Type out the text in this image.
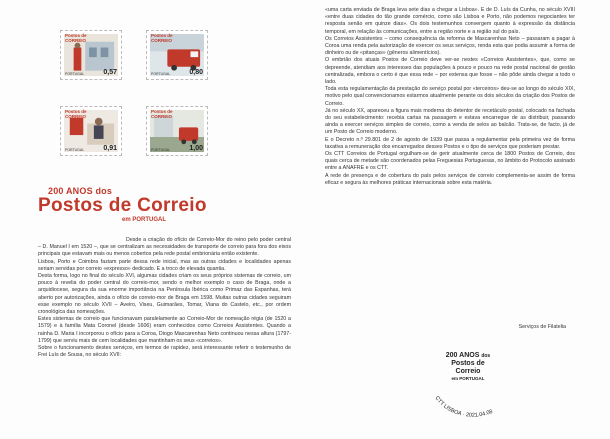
Postos de CORREIO
PORTUGAL	0,57
Postos de CORREIO
PORTUGAL	0,80
Postos de CORREIO
PORTUGAL	0,91
Postos de CORREIO
PORTUGAL	1,00
200 ANOS dos
Postos de Correio
em PORTUGAL

Desde a criação do ofício de Correio-Mor do reino pelo poder central – D. Manuel I em 1520 –, que se centralizam as necessidades de transporte de correio para fora dos eixos principais que estavam mais ou menos cobertos pela rede postal embrionária então existente.

Lisboa, Porto e Coimbra faziam parte dessa rede inicial, mas as outras cidades e localidades apenas seriam servidas por correio «expresso» dedicado. E a troco de elevada quantia.

Desta forma, logo no final do século XVI, algumas cidades criam os seus próprios sistemas de correio, um pouco à revelia do poder central do correio-mor, sendo o melhor exemplo o caso de Braga, onde a arquidiocese, segura da sua enorme importância na Península Ibérica como Primaz das Espanhas, terá aberto por autorizações, ainda o ofício de correio-mor de Braga em 1598. Muitas outras cidades seguiram esse exemplo no século XVII – Aveiro, Viseu, Guimarães, Tomar, Viana do Castelo, etc., por ordem cronológica das nomeações.

Estes sistemas de correio que funcionavam paralelamente ao Correio-Mor de nomeação régia (de 1520 a 1579) e à família Mata Coronel (desde 1606) eram conhecidos como Correios Assistentes. Quando a rainha D. Maria I incorporou o ofício para a Coroa, Diogo Mascarenhas Neto continuou nessa altura (1797-1799) que serviu mais de cem localidades que mantinham os seus «correios».

Sobre o funcionamento destes serviços, em termos de rapidez, será interessante referir o testemunho de Frei Luís de Sousa, no século XVII:

«uma carta enviada de Braga leva sete dias a chegar a Lisboa». E de D. Luís da Cunha, no século XVIII «entre duas cidades do tão grande comércio, como são Lisboa e Porto, não podemos negociantes ter resposta senão em quinze dias». Os dois testemunhos convergem quanto à expressão da distância temporal, em relação às comunicações, entre a região norte e a região sul do país.

Os Correios Assistentes – como consequência da reforma de Mascarenhas Neto – passaram a pagar à Coroa uma renda pela autorização de exercer os seus serviços, renda esta que podia assumir a forma de dinheiro ou de «pitanças» (gêneros alimentícios).

O embrião dos atuais Postos de Correio deve ver-se nestes «Correios Assistentes», que, como se depreende, atendiam aos interesses das populações à pouco e pouco na rede postal nacional de gestão centralizada, embora o certo é que essa rede – por extensa que fosse – não pôde ainda chegar a todo o lado.

Toda esta regulamentação da prestação do serviço postal por «terceiros» deu-se ao longo do século XIX, motivo pelo qual convencionamos estarmos atualmente perante os dois séculos da criação dos Postos de Correio.

Já no século XX, apareceu a figura mais moderna do detentor de recetáculo postal, colocado na fachada do seu estabelecimento: recebia cartas na passagem e estava encarregue de as distribuir, passando ainda a exercer serviços simples de correio, como a venda de selos ao balcão. Trata-se, de facto, já de um Posto de Correio moderno.

E o Decreto n.º 29.801 de 2 de agosto de 1939 que passa a regulamentar pela primeira vez de forma taxativa a remuneração dos encarregados desses Postos e o tipo de serviços que poderiam prestar.

Os CTT Correios de Portugal orgulham-se de gerir atualmente cerca de 1800 Postos de Correio, dos quais cerca de metade são coordenados pelas Freguesias Portuguesas, no âmbito do Protocolo assinado entre a ANAFRE e os CTT.

A rede de presença e de cobertura do país pelos serviços de correio complementa-se assim de forma eficaz e segura às melhores práticas internacionais sobre esta matéria.

Serviços de Filatelia
CTT LISBOA · 2021.04.08
200 ANOS dos
Postos de
Correio
em PORTUGAL
